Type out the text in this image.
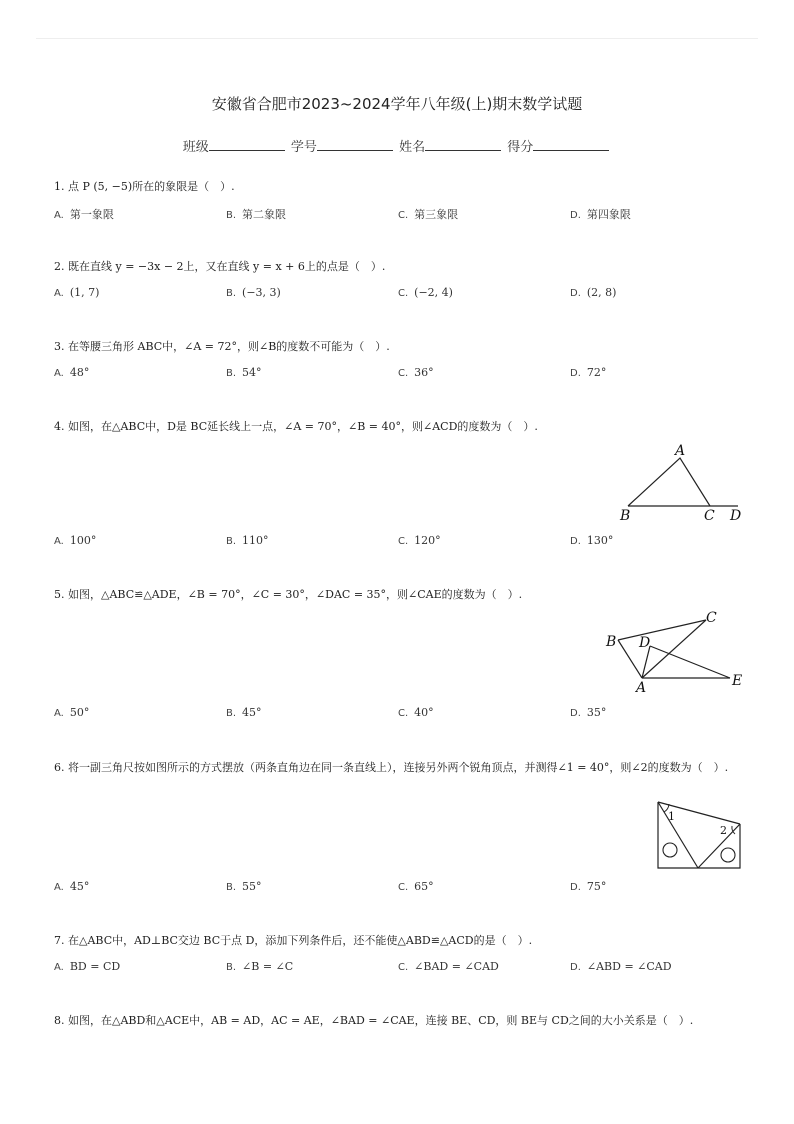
安徽省合肥市2023~2024学年八年级(上)期末数学试题
班级	学号	姓名	得分
1. 点 P (5, −5)所在的象限是（　）.
A. 第一象限	B. 第二象限	C. 第三象限	D. 第四象限
2. 既在直线 y = −3x − 2上，又在直线 y = x + 6上的点是（　）.
A. (1, 7)	B. (−3, 3)	C. (−2, 4)	D. (2, 8)
3. 在等腰三角形 ABC中，∠A = 72°，则∠B的度数不可能为（　）.
A. 48°	B. 54°	C. 36°	D. 72°
4. 如图，在△ABC中，D是 BC延长线上一点，∠A = 70°，∠B = 40°，则∠ACD的度数为（　）.
A
B	C D
A. 100°	B. 110°	C. 120°	D. 130°
5. 如图，△ABC≌△ADE，∠B = 70°，∠C = 30°，∠DAC = 35°，则∠CAE的度数为（　）.
C
B D
A	E
A. 50°	B. 45°	C. 40°	D. 35°
6. 将一副三角尺按如图所示的方式摆放（两条直角边在同一条直线上），连接另外两个锐角顶点，并测得∠1 = 40°，则∠2的度数为（　）.
1
2
A. 45°	B. 55°	C. 65°	D. 75°
7. 在△ABC中，AD⊥BC交边 BC于点 D，添加下列条件后，还不能使△ABD≌△ACD的是（　）.
A. BD = CD	B. ∠B = ∠C	C. ∠BAD = ∠CAD	D. ∠ABD = ∠CAD
8. 如图，在△ABD和△ACE中，AB = AD，AC = AE，∠BAD = ∠CAE，连接 BE、CD，则 BE与 CD之间的大小关系是（　）.
